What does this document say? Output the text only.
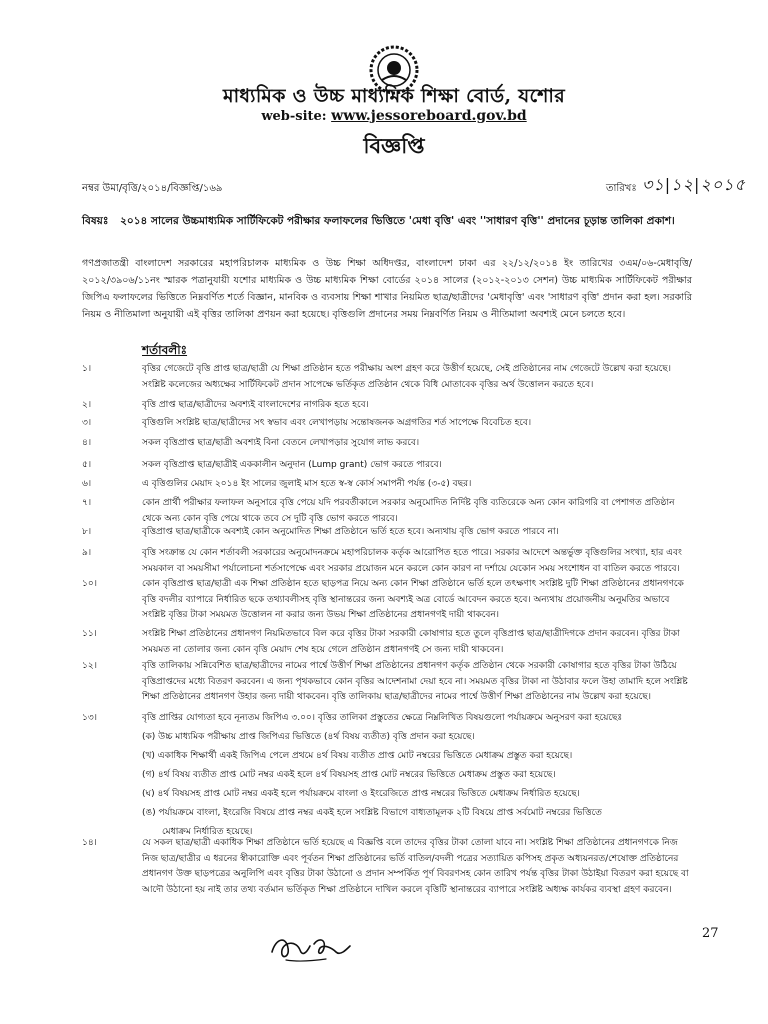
মাধ্যমিক ও উচ্চ মাধ্যমিক শিক্ষা বোর্ড, যশোর
web-site: www.jessoreboard.gov.bd
বিজ্ঞপ্তি
নম্বর উমা/বৃত্তি/২০১৪/বিজ্ঞপ্তি/১৬৯	তারিখঃ ৩১|১২|২০১৫
বিষয়ঃ ২০১৪ সালের উচ্চমাধ্যমিক সার্টিফিকেট পরীক্ষার ফলাফলের ভিত্তিতে 'মেধা বৃত্তি' এবং ''সাধারণ বৃত্তি'' প্রদানের চূড়ান্ত তালিকা প্রকাশ।
গণপ্রজাতন্ত্রী বাংলাদেশ সরকারের মহাপরিচালক মাধ্যমিক ও উচ্চ শিক্ষা অধিদপ্তর, বাংলাদেশ ঢাকা এর ২২/১২/২০১৪ ইং তারিখের ৩এম/০৬-মেধাবৃত্তি/২০১২/৩৯০৬/১১নং স্মারক পত্রানুযায়ী যশোর মাধ্যমিক ও উচ্চ মাধ্যমিক শিক্ষা বোর্ডের ২০১৪ সালের (২০১২-২০১৩ সেশন) উচ্চ মাধ্যমিক সার্টিফিকেট পরীক্ষার জিপিএ ফলাফলের ভিত্তিতে নিম্নবর্ণিত শর্তে বিজ্ঞান, মানবিক ও ব্যবসায় শিক্ষা শাখার নিয়মিত ছাত্র/ছাত্রীদের 'মেধাবৃত্তি' এবং 'সাধারণ বৃত্তি' প্রদান করা হল। সরকারি নিয়ম ও নীতিমালা অনুযায়ী এই বৃত্তির তালিকা প্রণয়ন করা হয়েছে। বৃত্তিগুলি প্রদানের সময় নিম্নবর্ণিত নিয়ম ও নীতিমালা অবশ্যই মেনে চলতে হবে।
শর্তাবলীঃ
১।	বৃত্তির গেজেটে বৃত্তি প্রাপ্ত ছাত্র/ছাত্রী যে শিক্ষা প্রতিষ্ঠান হতে পরীক্ষায় অংশ গ্রহণ করে উত্তীর্ণ হয়েছে, সেই প্রতিষ্ঠানের নাম গেজেটে উল্লেখ করা হয়েছে। সংশ্লিষ্ট কলেজের অধ্যক্ষের সার্টিফিকেট প্রদান সাপেক্ষে ভর্তিকৃত প্রতিষ্ঠান থেকে বিধি মোতাবেক বৃত্তির অর্থ উত্তোলন করতে হবে।
২।	বৃত্তি প্রাপ্ত ছাত্র/ছাত্রীদের অবশ্যই বাংলাদেশের নাগরিক হতে হবে।
৩।	বৃত্তিগুলি সংশ্লিষ্ট ছাত্র/ছাত্রীদের সৎ স্বভাব এবং লেখাপড়ায় সন্তোষজনক অগ্রগতির শর্ত সাপেক্ষে বিবেচিত হবে।
৪।	সকল বৃত্তিপ্রাপ্ত ছাত্র/ছাত্রী অবশ্যই বিনা বেতনে লেখাপড়ার সুযোগ লাভ করবে।
৫।	সকল বৃত্তিপ্রাপ্ত ছাত্র/ছাত্রীই এককালীন অনুদান (Lump grant) ভোগ করতে পারবে।
৬।	এ বৃত্তিগুলির মেয়াদ ২০১৪ ইং সালের জুলাই মাস হতে স্ব-স্ব কোর্স সমাপনী পর্যন্ত (৩-৫) বছর।
৭।	কোন প্রার্থী পরীক্ষার ফলাফল অনুসারে বৃত্তি পেয়ে যদি পরবর্তীকালে সরকার অনুমোদিত নির্দিষ্ট বৃত্তি ব্যতিরেকে অন্য কোন কারিগরি বা পেশাগত প্রতিষ্ঠান থেকে অন্য কোন বৃত্তি পেয়ে থাকে তবে সে দুটি বৃত্তি ভোগ করতে পারবে।
৮।	বৃত্তিপ্রাপ্ত ছাত্র/ছাত্রীকে অবশ্যই কোন অনুমোদিত শিক্ষা প্রতিষ্ঠানে ভর্তি হতে হবে। অন্যথায় বৃত্তি ভোগ করতে পারবে না।
৯।	বৃত্তি সংক্রান্ত যে কোন শর্তাবলী সরকারের অনুমোদনক্রমে মহাপরিচালক কর্তৃক আরোপিত হতে পারে। সরকার আদেশে অন্তর্ভুক্ত বৃত্তিগুলির সংখ্যা, হার এবং সময়কাল বা সময়সীমা পর্যালোচনা শর্তসাপেক্ষে এবং সরকার প্রয়োজন মনে করলে কোন কারণ না দর্শায়ে যেকোন সময় সংশোধন বা বাতিল করতে পারবে।
১০।	কোন বৃত্তিপ্রাপ্ত ছাত্র/ছাত্রী এক শিক্ষা প্রতিষ্ঠান হতে ছাড়পত্র নিয়ে অন্য কোন শিক্ষা প্রতিষ্ঠানে ভর্তি হলে তৎক্ষণাৎ সংশ্লিষ্ট দুটি শিক্ষা প্রতিষ্ঠানের প্রধানগণকে বৃত্তি বদলীর ব্যাপারে নির্ধারিত ছকে তথ্যাবলীসহ বৃত্তি স্থানান্তরের জন্য অবশ্যই অত্র বোর্ডে আবেদন করতে হবে। অন্যথায় প্রয়োজনীয় অনুমতির অভাবে সংশ্লিষ্ট বৃত্তির টাকা সময়মত উত্তোলন না করার জন্য উভয় শিক্ষা প্রতিষ্ঠানের প্রধানগণই দায়ী থাকবেন।
১১।	সংশ্লিষ্ট শিক্ষা প্রতিষ্ঠানের প্রধানগণ নিয়মিতভাবে বিল করে বৃত্তির টাকা সরকারী কোষাগার হতে তুলে বৃত্তিপ্রাপ্ত ছাত্র/ছাত্রীদিগকে প্রদান করবেন। বৃত্তির টাকা সময়মত না তোলার জন্য কোন বৃত্তি মেয়াদ শেষ হয়ে গেলে প্রতিষ্ঠান প্রধানগণই সে জন্য দায়ী থাকবেন।
১২।	বৃত্তি তালিকায় সন্নিবেশিত ছাত্র/ছাত্রীদের নামের পার্শ্বে উত্তীর্ণ শিক্ষা প্রতিষ্ঠানের প্রধানগণ কর্তৃক প্রতিষ্ঠান থেকে সরকারী কোষাগার হতে বৃত্তির টাকা উঠিয়ে বৃত্তিপ্রাপ্তদের মধ্যে বিতরণ করবেন। এ জন্য পৃথকভাবে কোন বৃত্তির আদেশনামা দেয়া হবে না। সময়মত বৃত্তির টাকা না উঠাবার ফলে উহা তামাদি হলে সংশ্লিষ্ট শিক্ষা প্রতিষ্ঠানের প্রধানগণ উহার জন্য দায়ী থাকবেন। বৃত্তি তালিকায় ছাত্র/ছাত্রীদের নামের পার্শ্বে উত্তীর্ণ শিক্ষা প্রতিষ্ঠানের নাম উল্লেখ করা হয়েছে।
১৩।	বৃত্তি প্রাপ্তির যোগ্যতা হবে নূন্যতম জিপিএ ৩.০০। বৃত্তির তালিকা প্রস্তুতের ক্ষেত্রে নিম্নলিখিত বিষয়গুলো পর্যায়ক্রমে অনুসরণ করা হয়েছেঃ
(ক) উচ্চ মাধ্যমিক পরীক্ষায় প্রাপ্ত জিপিএর ভিত্তিতে (৪র্থ বিষয় ব্যতীত) বৃত্তি প্রদান করা হয়েছে।
(খ) একাধিক শিক্ষার্থী একই জিপিএ পেলে প্রথমে ৪র্থ বিষয় ব্যতীত প্রাপ্ত মোট নম্বরের ভিত্তিতে মেধাক্রম প্রস্তুত করা হয়েছে।
(গ) ৪র্থ বিষয় ব্যতীত প্রাপ্ত মোট নম্বর একই হলে ৪র্থ বিষয়সহ প্রাপ্ত মোট নম্বরের ভিত্তিতে মেধাক্রম প্রস্তুত করা হয়েছে।
(ঘ) ৪র্থ বিষয়সহ প্রাপ্ত মোট নম্বর একই হলে পর্যায়ক্রমে বাংলা ও ইংরেজিতে প্রাপ্ত নম্বরের ভিত্তিতে মেধাক্রম নির্ধারিত হয়েছে।
(ঙ) পর্যায়ক্রমে বাংলা, ইংরেজি বিষয়ে প্রাপ্ত নম্বর একই হলে সংশ্লিষ্ট বিভাগে বাধ্যতামূলক ২টি বিষয়ে প্রাপ্ত সর্বমোট নম্বরের ভিত্তিতে
মেধাক্রম নির্ধারিত হয়েছে।
১৪।	যে সকল ছাত্র/ছাত্রী একাধিক শিক্ষা প্রতিষ্ঠানে ভর্তি হয়েছে এ বিজ্ঞপ্তি বলে তাদের বৃত্তির টাকা তোলা যাবে না। সংশ্লিষ্ট শিক্ষা প্রতিষ্ঠানের প্রধানগণকে নিজ নিজ ছাত্র/ছাত্রীর এ ধরনের স্বীকারোক্তি এবং পূর্বতন শিক্ষা প্রতিষ্ঠানের ভর্তি বাতিল/বদলী পত্রের সত্যায়িত কপিসহ প্রকৃত অধ্যয়নরত/শেষোক্ত প্রতিষ্ঠানের প্রধানগণ উক্ত ছাড়পত্রের অনুলিপি এবং বৃত্তির টাকা উঠানো ও প্রদান সম্পর্কিত পূর্ণ বিবরণসহ কোন তারিখ পর্যন্ত বৃত্তির টাকা উঠাইয়া বিতরণ করা হয়েছে বা আদৌ উঠানো হয় নাই তার তথ্য বর্তমান ভর্তিকৃত শিক্ষা প্রতিষ্ঠানে দাখিল করলে বৃত্তিটি স্থানান্তরের ব্যাপারে সংশ্লিষ্ট অধ্যক্ষ কার্যকর ব্যবস্থা গ্রহণ করবেন।
27
